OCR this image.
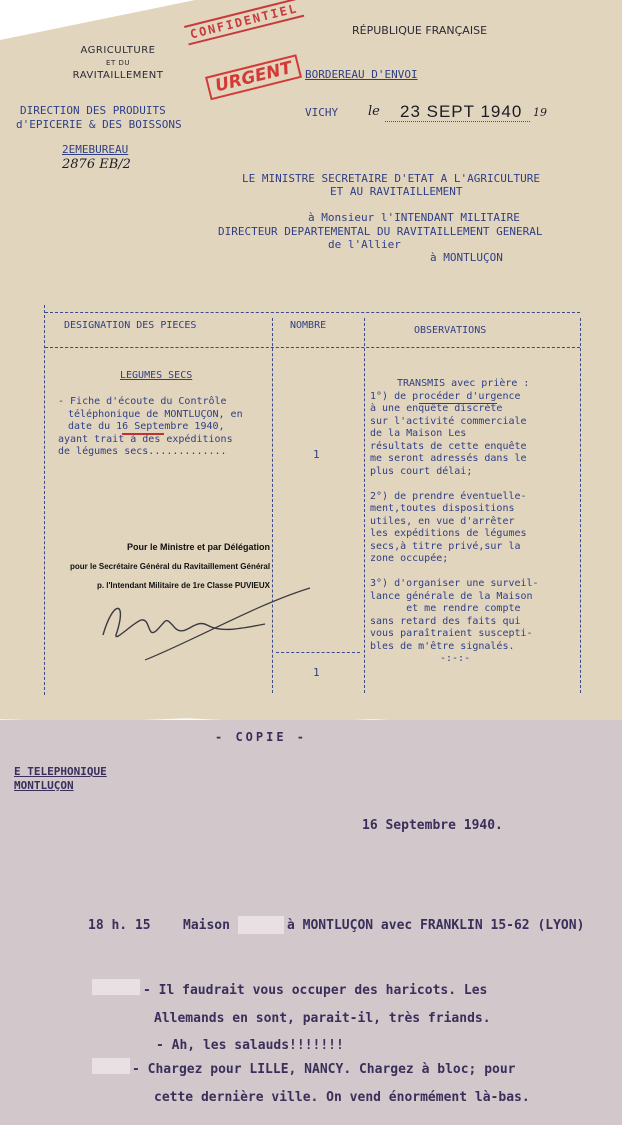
AGRICULTURE
ET DU
RAVITAILLEMENT
RÉPUBLIQUE FRANÇAISE
CONFIDENTIEL
URGENT
DIRECTION DES PRODUITS
d'EPICERIE & DES BOISSONS
2EMEBUREAU
2876 EB/2
BORDEREAU D'ENVOI
VICHY le 23 SEPT 1940 19
LE MINISTRE SECRETAIRE D'ETAT A L'AGRICULTURE
ET AU RAVITAILLEMENT
à Monsieur l'INTENDANT MILITAIRE
DIRECTEUR DEPARTEMENTAL DU RAVITAILLEMENT GENERAL
de l'Allier
à MONTLUÇON
DESIGNATION DES PIECES	NOMBRE	OBSERVATIONS
LEGUMES SECS
- Fiche d'écoute du Contrôle
téléphonique de MONTLUÇON, en
date du 16 Septembre 1940,
ayant trait à des expéditions
de légumes secs.............	1
1
TRANSMIS avec prière :
1°) de procéder d'urgence
à une enquête discrète
sur l'activité commerciale
de la Maison Les
résultats de cette enquête
me seront adressés dans le
plus court délai;
2°) de prendre éventuelle-
ment,toutes dispositions
utiles, en vue d'arrêter
les expéditions de légumes
secs,à titre privé,sur la
zone occupée;
3°) d'organiser une surveil-
lance générale de la Maison
et me rendre compte
sans retard des faits qui
vous paraîtraient suscepti-
bles de m'être signalés.
-:-:-
Pour le Ministre et par Délégation
pour le Secrétaire Général du Ravitaillement Général
p. l'Intendant Militaire de 1re Classe PUVIEUX
- COPIE -
E TELEPHONIQUE
MONTLUÇON
16 Septembre 1940.
18 h. 15 Maison	à MONTLUÇON avec FRANKLIN 15-62 (LYON)
- Il faudrait vous occuper des haricots. Les
Allemands en sont, parait-il, très friands.
- Ah, les salauds!!!!!!!
- Chargez pour LILLE, NANCY. Chargez à bloc; pour
cette dernière ville. On vend énormément là-bas.
